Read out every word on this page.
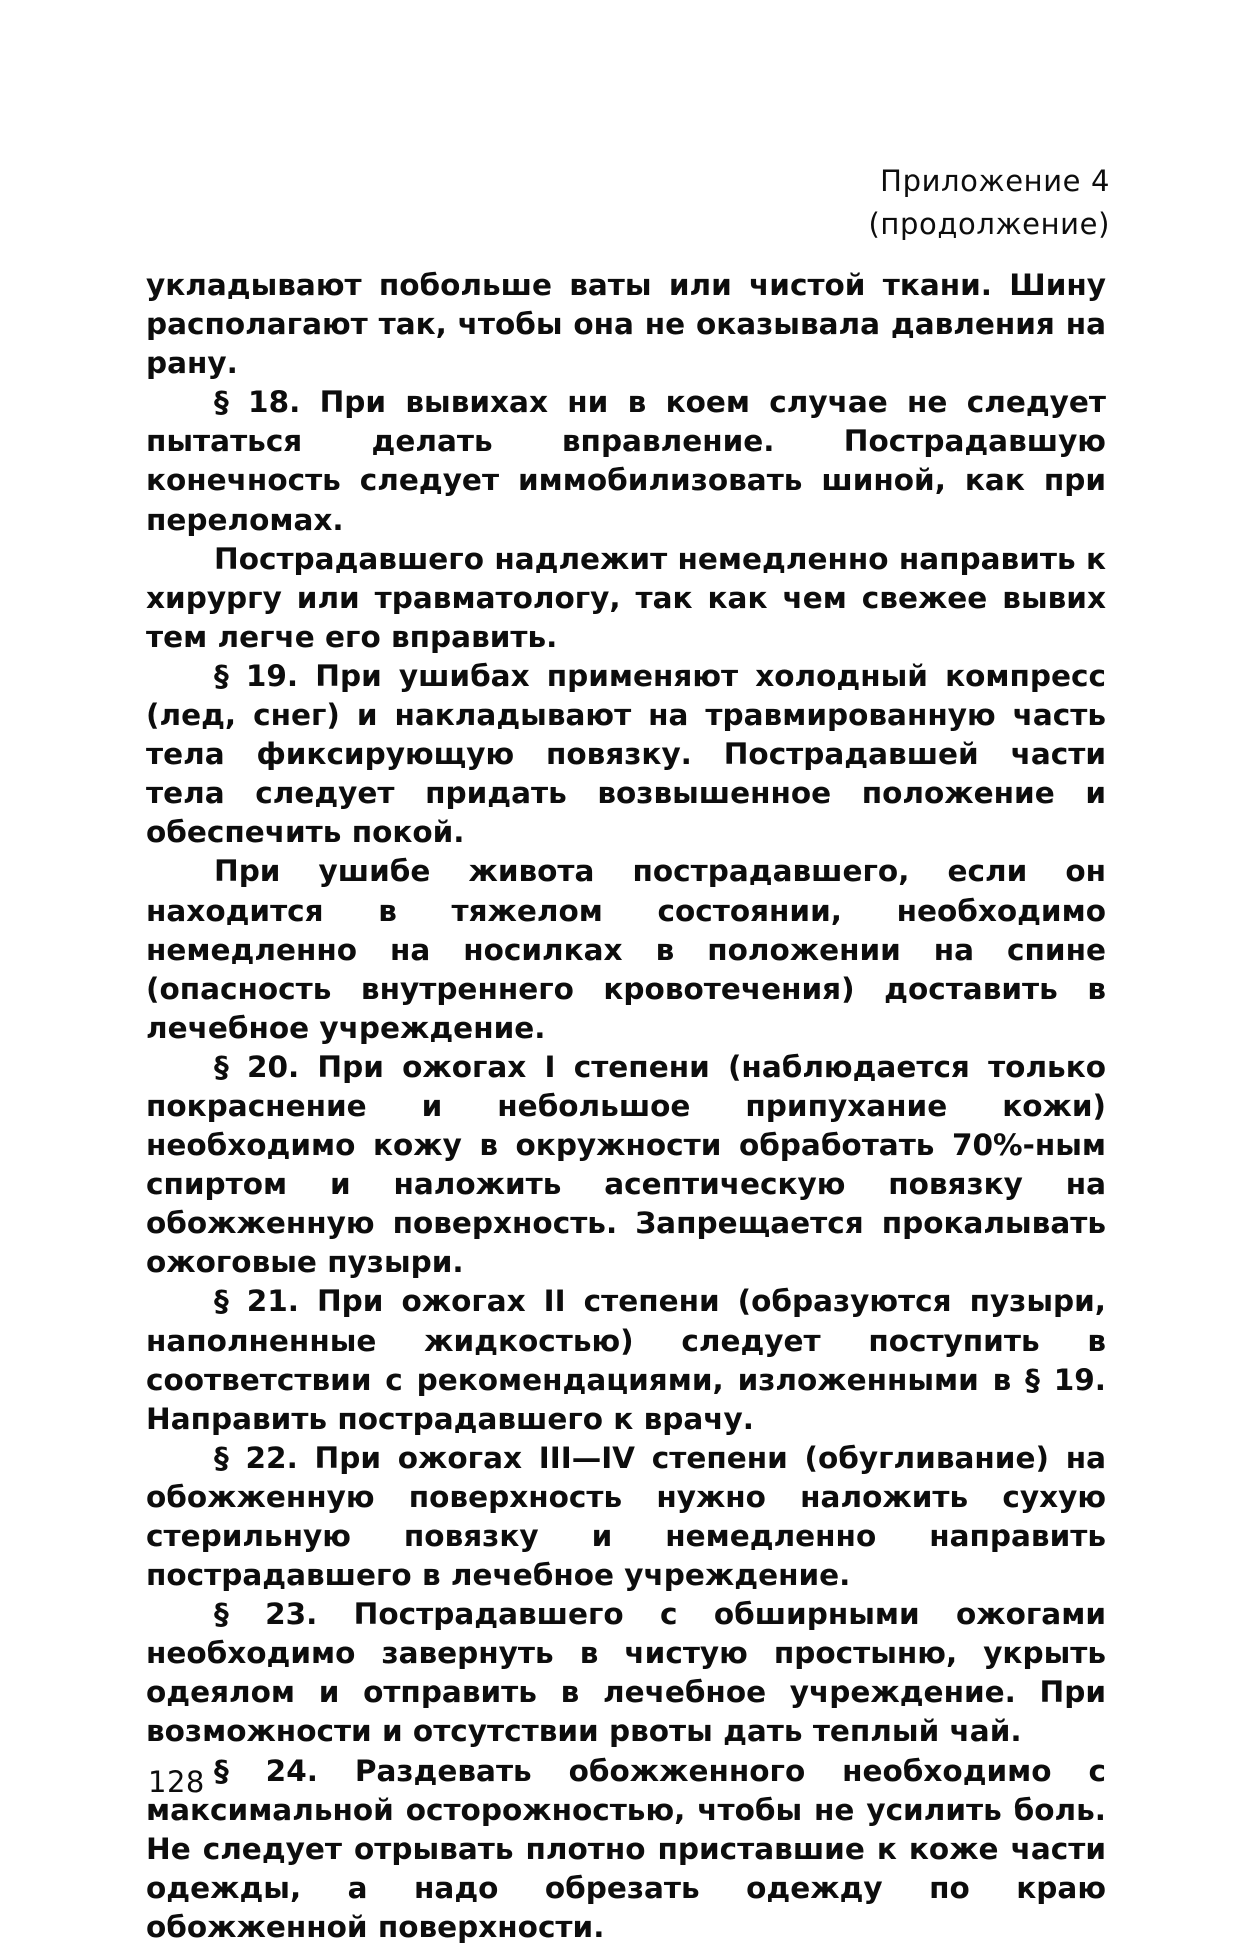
Приложение 4
(продолжение)

укладывают побольше ваты или чистой ткани. Шину располагают так, чтобы она не оказывала давления на рану.

§ 18. При вывихах ни в коем случае не следует пытаться делать вправление. Пострадавшую конечность следует иммобилизовать шиной, как при переломах.

Пострадавшего надлежит немедленно направить к хирургу или травматологу, так как чем свежее вывих тем легче его вправить.

§ 19. При ушибах применяют холодный компресс (лед, снег) и накладывают на травмированную часть тела фиксирующую повязку. Пострадавшей части тела следует придать возвышенное положение и обеспечить покой.

При ушибе живота пострадавшего, если он находится в тяжелом состоянии, необходимо немедленно на носилках в положении на спине (опасность внутреннего кровотечения) доставить в лечебное учреждение.

§ 20. При ожогах I степени (наблюдается только покраснение и небольшое припухание кожи) необходимо кожу в окружности обработать 70%-ным спиртом и наложить асептическую повязку на обожженную поверхность. Запрещается прокалывать ожоговые пузыри.

§ 21. При ожогах II степени (образуются пузыри, наполненные жидкостью) следует поступить в соответствии с рекомендациями, изложенными в § 19. Направить пострадавшего к врачу.

§ 22. При ожогах III—IV степени (обугливание) на обожженную поверхность нужно наложить сухую стерильную повязку и немедленно направить пострадавшего в лечебное учреждение.

§ 23. Пострадавшего с обширными ожогами необходимо завернуть в чистую простыню, укрыть одеялом и отправить в лечебное учреждение. При возможности и отсутствии рвоты дать теплый чай.

§ 24. Раздевать обожженного необходимо с максимальной осторожностью, чтобы не усилить боль. Не следует отрывать плотно приставшие к коже части одежды, а надо обрезать одежду по краю обожженной поверхности.

128
